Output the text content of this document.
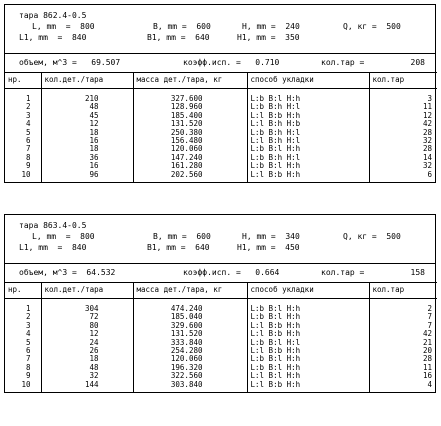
тара 862.4-0.5
L, mm  =  800	B, mm =  600	H, mm =  240	Q, кг =  500
L1, mm  =  840	B1, mm =  640	H1, mm =  350
объем, м^3 =   69.507	коэфф.исп. =   0.710	кол.тар =	208
нр.	кол.дет./тара	масса дет./тара, кг	способ укладки	кол.тар

1	210	327.600	L:b B:l H:h	3
2	48	128.960	L:b B:h H:l	11
3	45	185.400	L:l B:b H:h	12
4	12	131.520	L:l B:h H:b	42
5	18	250.380	L:b B:h H:l	28
6	16	156.480	L:l B:h H:l	32
7	18	120.060	L:b B:l H:h	28
8	36	147.240	L:b B:h H:l	14
9	16	161.280	L:b B:l H:h	32
10	96	202.560	L:l B:b H:h	6
тара 863.4-0.5
L, mm  =  800	B, mm =  600	H, mm =  340	Q, кг =  500
L1, mm  =  840	B1, mm =  640	H1, mm =  450
объем, м^3 =  64.532	коэфф.исп. =   0.664	кол.тар =	158
нр.	кол.дет./тара	масса дет./тара, кг	способ укладки	кол.тар

1	304	474.240	L:b B:l H:h	2
2	72	185.040	L:b B:l H:h	7
3	80	329.600	L:l B:b H:h	7
4	12	131.520	L:l B:b H:h	42
5	24	333.840	L:b B:l H:l	21
6	26	254.280	L:l B:b H:h	20
7	18	120.060	L:b B:l H:h	28
8	48	196.320	L:b B:l H:h	11
9	32	322.560	L:l B:l H:h	16
10	144	303.840	L:l B:b H:h	4
